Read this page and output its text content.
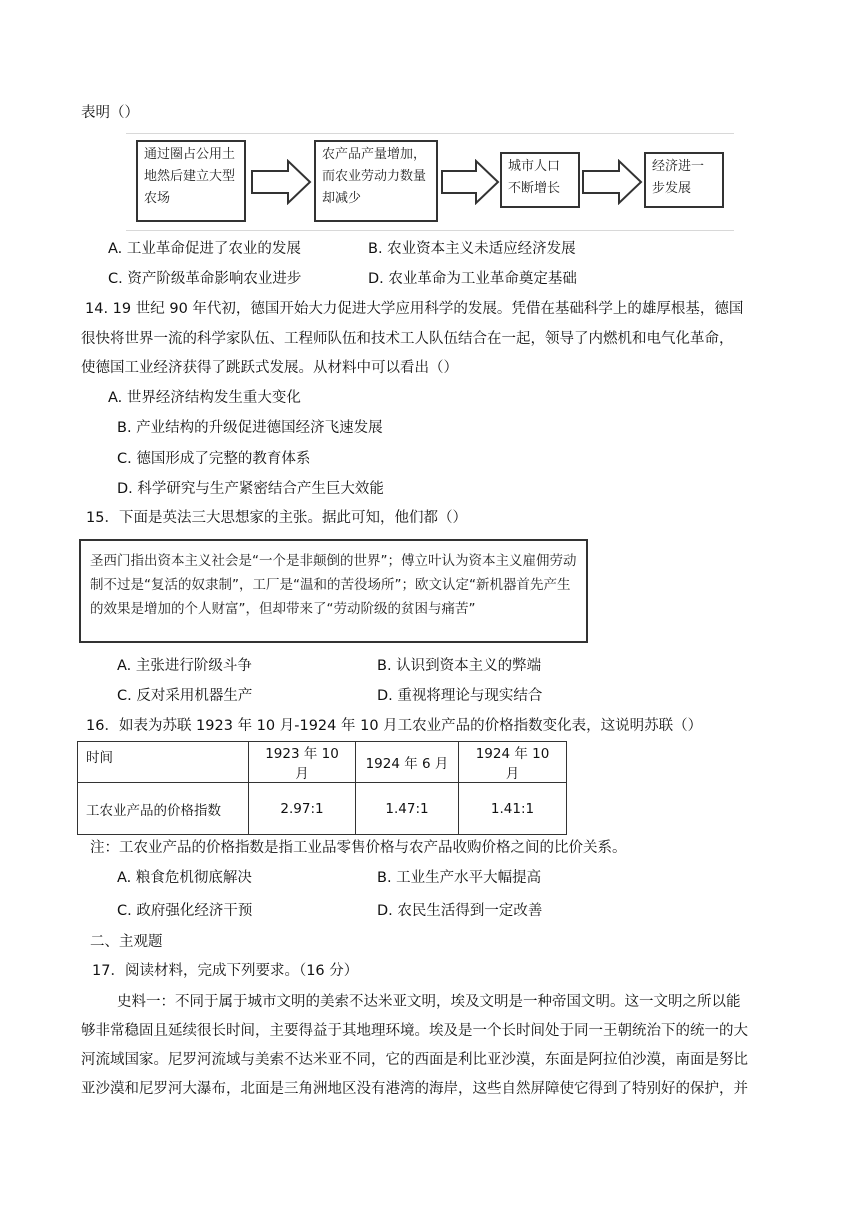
表明（）
通过圈占公用土地然后建立大型农场
农产品产量增加，而农业劳动力数量却减少
城市人口不断增长
经济进一步发展
A. 工业革命促进了农业的发展	B. 农业资本主义未适应经济发展
C. 资产阶级革命影响农业进步	D. 农业革命为工业革命奠定基础
14. 19 世纪 90 年代初，德国开始大力促进大学应用科学的发展。凭借在基础科学上的雄厚根基，德国
很快将世界一流的科学家队伍、工程师队伍和技术工人队伍结合在一起，领导了内燃机和电气化革命，
使德国工业经济获得了跳跃式发展。从材料中可以看出（）
A. 世界经济结构发生重大变化
B. 产业结构的升级促进德国经济飞速发展
C. 德国形成了完整的教育体系
D. 科学研究与生产紧密结合产生巨大效能
15．下面是英法三大思想家的主张。据此可知，他们都（）
圣西门指出资本主义社会是“一个是非颠倒的世界”；傅立叶认为资本主义雇佣劳动制不过是“复活的奴隶制”，工厂是“温和的苦役场所”；欧文认定“新机器首先产生的效果是增加的个人财富”，但却带来了“劳动阶级的贫困与痛苦”
A. 主张进行阶级斗争	B. 认识到资本主义的弊端
C. 反对采用机器生产	D. 重视将理论与现实结合
16．如表为苏联 1923 年 10 月-1924 年 10 月工农业产品的价格指数变化表，这说明苏联（）
时间	1923 年 10 月	1924 年 6 月	1924 年 10 月
工农业产品的价格指数	2.97:1	1.47:1	1.41:1
注：工农业产品的价格指数是指工业品零售价格与农产品收购价格之间的比价关系。
A. 粮食危机彻底解决	B. 工业生产水平大幅提高
C. 政府强化经济干预	D. 农民生活得到一定改善
二、主观题
17．阅读材料，完成下列要求。（16 分）
史料一：不同于属于城市文明的美索不达米亚文明，埃及文明是一种帝国文明。这一文明之所以能
够非常稳固且延续很长时间，主要得益于其地理环境。埃及是一个长时间处于同一王朝统治下的统一的大
河流域国家。尼罗河流域与美索不达米亚不同，它的西面是利比亚沙漠，东面是阿拉伯沙漠，南面是努比
亚沙漠和尼罗河大瀑布，北面是三角洲地区没有港湾的海岸，这些自然屏障使它得到了特别好的保护，并
